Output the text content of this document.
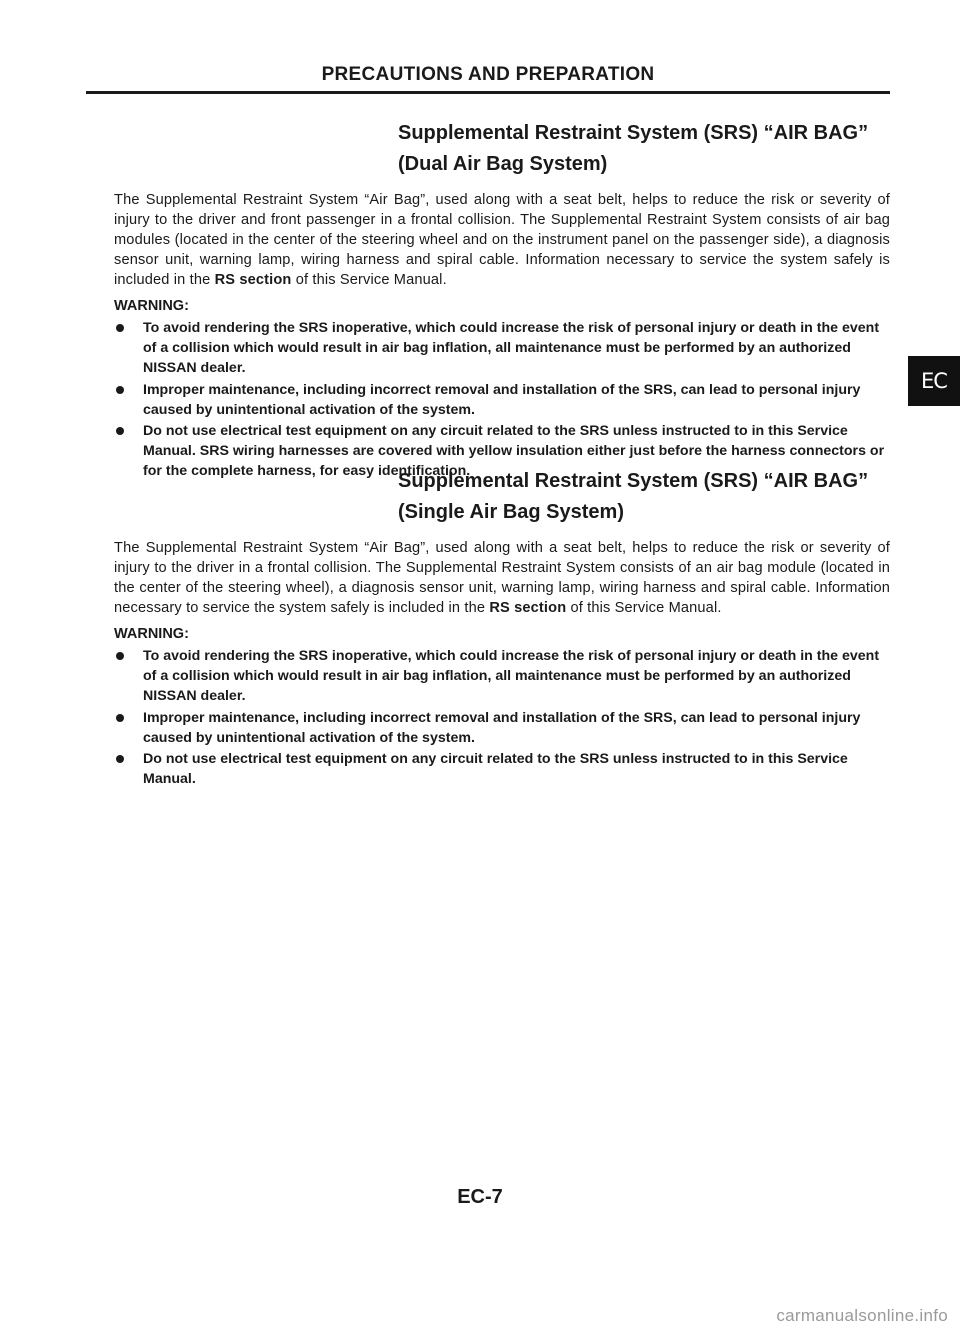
PRECAUTIONS AND PREPARATION
Supplemental Restraint System (SRS) “AIR BAG” (Dual Air Bag System)

The Supplemental Restraint System “Air Bag”, used along with a seat belt, helps to reduce the risk or severity of injury to the driver and front passenger in a frontal collision. The Supplemental Restraint System consists of air bag modules (located in the center of the steering wheel and on the instrument panel on the passenger side), a diagnosis sensor unit, warning lamp, wiring harness and spiral cable. Information necessary to service the system safely is included in the RS section of this Service Manual.

WARNING:
To avoid rendering the SRS inoperative, which could increase the risk of personal injury or death in the event of a collision which would result in air bag inflation, all maintenance must be performed by an authorized NISSAN dealer.
Improper maintenance, including incorrect removal and installation of the SRS, can lead to personal injury caused by unintentional activation of the system.
Do not use electrical test equipment on any circuit related to the SRS unless instructed to in this Service Manual. SRS wiring harnesses are covered with yellow insulation either just before the harness connectors or for the complete harness, for easy identification.
Supplemental Restraint System (SRS) “AIR BAG” (Single Air Bag System)

The Supplemental Restraint System “Air Bag”, used along with a seat belt, helps to reduce the risk or severity of injury to the driver in a frontal collision. The Supplemental Restraint System consists of an air bag module (located in the center of the steering wheel), a diagnosis sensor unit, warning lamp, wiring harness and spiral cable. Information necessary to service the system safely is included in the RS section of this Service Manual.

WARNING:
To avoid rendering the SRS inoperative, which could increase the risk of personal injury or death in the event of a collision which would result in air bag inflation, all maintenance must be performed by an authorized NISSAN dealer.
Improper maintenance, including incorrect removal and installation of the SRS, can lead to personal injury caused by unintentional activation of the system.
Do not use electrical test equipment on any circuit related to the SRS unless instructed to in this Service Manual.
EC
EC-7
carmanualsonline.info
